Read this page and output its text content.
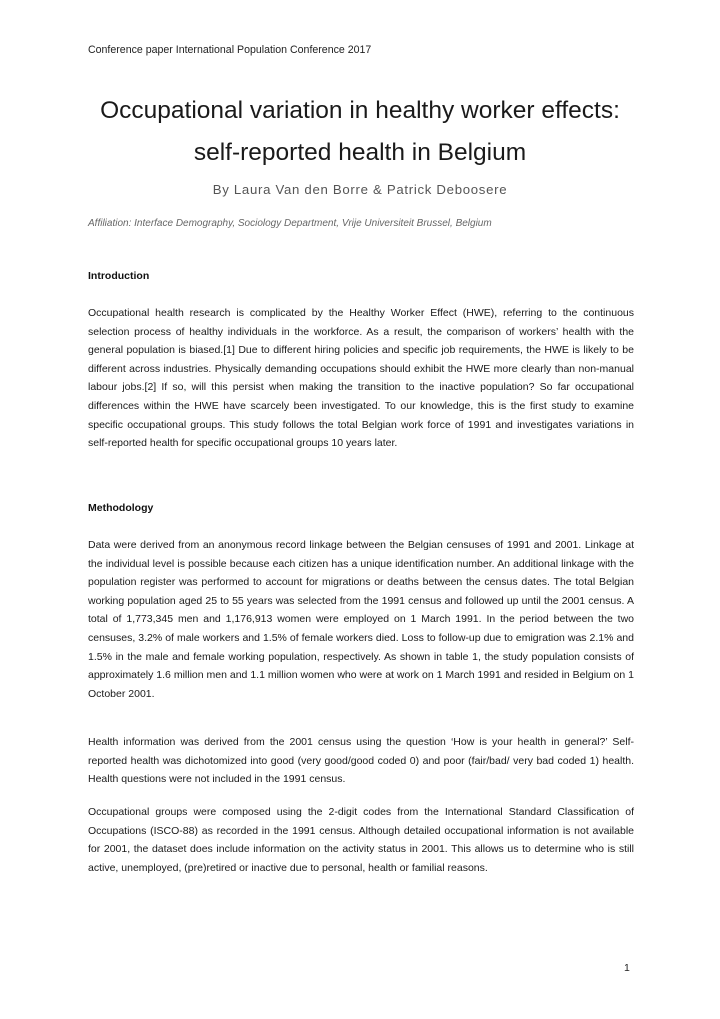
Conference paper International Population Conference 2017
Occupational variation in healthy worker effects:
self-reported health in Belgium
By Laura Van den Borre & Patrick Deboosere
Affiliation: Interface Demography, Sociology Department, Vrije Universiteit Brussel, Belgium
Introduction

Occupational health research is complicated by the Healthy Worker Effect (HWE), referring to the continuous selection process of healthy individuals in the workforce. As a result, the comparison of workers’ health with the general population is biased.[1] Due to different hiring policies and specific job requirements, the HWE is likely to be different across industries. Physically demanding occupations should exhibit the HWE more clearly than non-manual labour jobs.[2] If so, will this persist when making the transition to the inactive population? So far occupational differences within the HWE have scarcely been investigated. To our knowledge, this is the first study to examine specific occupational groups. This study follows the total Belgian work force of 1991 and investigates variations in self-reported health for specific occupational groups 10 years later.

Methodology

Data were derived from an anonymous record linkage between the Belgian censuses of 1991 and 2001. Linkage at the individual level is possible because each citizen has a unique identification number. An additional linkage with the population register was performed to account for migrations or deaths between the census dates. The total Belgian working population aged 25 to 55 years was selected from the 1991 census and followed up until the 2001 census. A total of 1,773,345 men and 1,176,913 women were employed on 1 March 1991. In the period between the two censuses, 3.2% of male workers and 1.5% of female workers died. Loss to follow-up due to emigration was 2.1% and 1.5% in the male and female working population, respectively. As shown in table 1, the study population consists of approximately 1.6 million men and 1.1 million women who were at work on 1 March 1991 and resided in Belgium on 1 October 2001.

Health information was derived from the 2001 census using the question ‘How is your health in general?’ Self-reported health was dichotomized into good (very good/good coded 0) and poor (fair/bad/ very bad coded 1) health. Health questions were not included in the 1991 census.

Occupational groups were composed using the 2-digit codes from the International Standard Classification of Occupations (ISCO-88) as recorded in the 1991 census. Although detailed occupational information is not available for 2001, the dataset does include information on the activity status in 2001. This allows us to determine who is still active, unemployed, (pre)retired or inactive due to personal, health or familial reasons.

1
